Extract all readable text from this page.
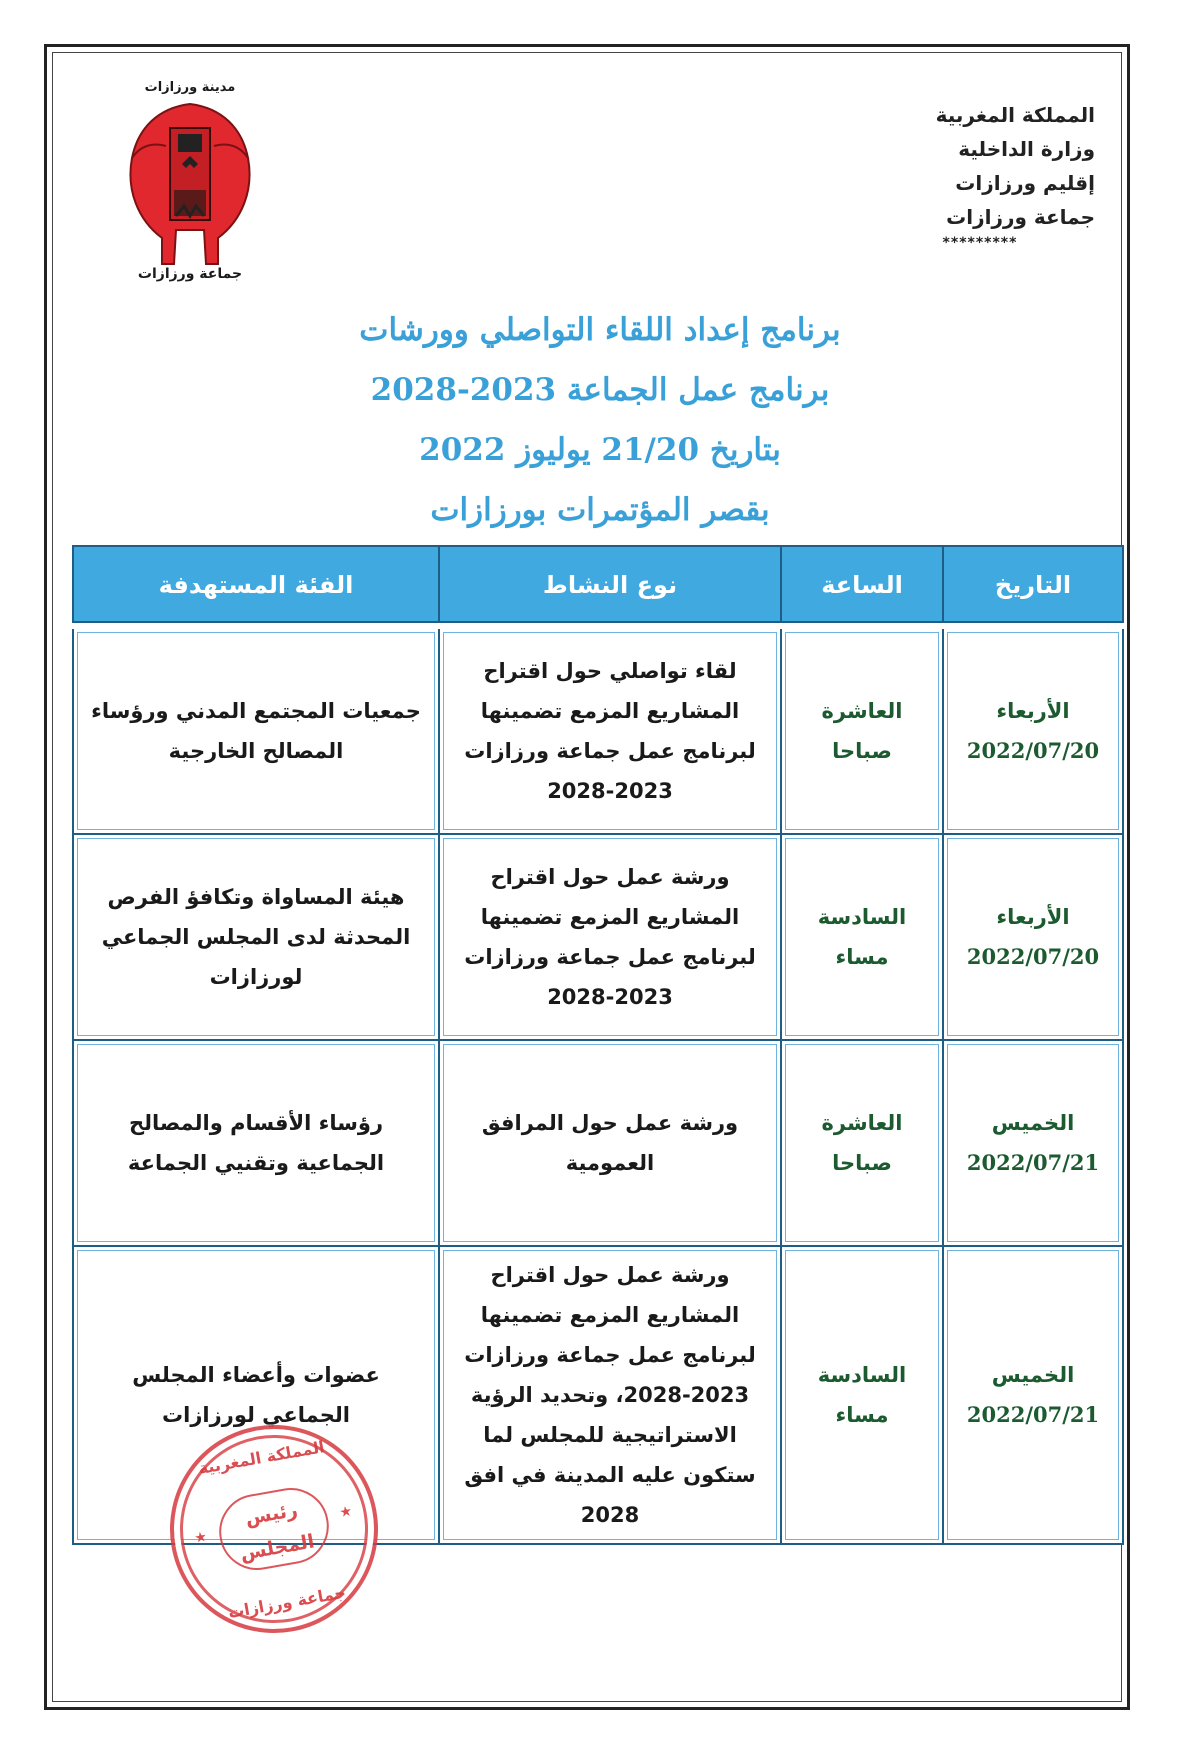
المملكة المغربية
وزارة الداخلية
إقليم ورزازات
جماعة ورزازات
*********
مدينة ورزازات
جماعة ورزازات
برنامج إعداد اللقاء التواصلي وورشات
برنامج عمل الجماعة 2023-2028
بتاريخ 21/20 يوليوز 2022
بقصر المؤتمرات بورزازات
التاريخ	الساعة	نوع النشاط	الفئة المستهدفة

الأربعاء
2022/07/20	العاشرة صباحا	لقاء تواصلي حول اقتراح المشاريع المزمع تضمينها لبرنامج عمل جماعة ورزازات 2023-2028	جمعيات المجتمع المدني ورؤساء المصالح الخارجية

الأربعاء
2022/07/20	السادسة مساء	ورشة عمل حول اقتراح المشاريع المزمع تضمينها لبرنامج عمل جماعة ورزازات 2023-2028	هيئة المساواة وتكافؤ الفرص المحدثة لدى المجلس الجماعي لورزازات

الخميس
2022/07/21	العاشرة صباحا	ورشة عمل حول المرافق العمومية	رؤساء الأقسام والمصالح الجماعية وتقنيي الجماعة

الخميس
2022/07/21	السادسة مساء	ورشة عمل حول اقتراح المشاريع المزمع تضمينها لبرنامج عمل جماعة ورزازات 2023-2028، وتحديد الرؤية الاستراتيجية للمجلس لما ستكون عليه المدينة في افق 2028	عضوات وأعضاء المجلس الجماعي لورزازات
المملكة المغربية
★
رئيس
المجلس
★
جماعة ورزازات
